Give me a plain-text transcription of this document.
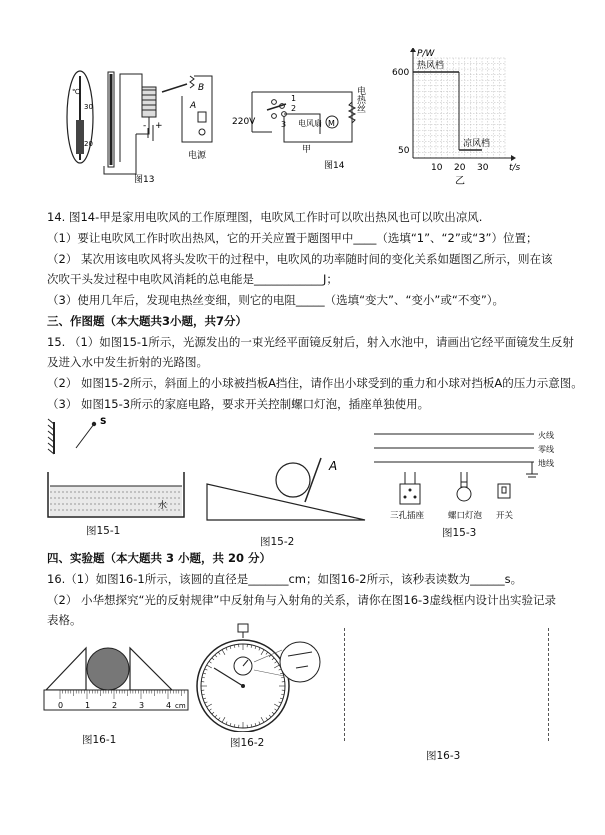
℃
30
20
- +
B
A
电源
图13
1
2
3
220V	M
电风扇
电热丝
甲
图14
热风档
凉风档
10 20 30
600
50
P/W
t/s
乙
14. 图14-甲是家用电吹风的工作原理图，电吹风工作时可以吹出热风也可以吹出凉风.
（1）要让电吹风工作时吹出热风，它的开关应置于题图甲中____（选填“1”、“2”或“3”）位置；
（2） 某次用该电吹风将头发吹干的过程中，电吹风的功率随时间的变化关系如题图乙所示，则在该
次吹干头发过程中电吹风消耗的总电能是____________J；
（3）使用几年后，发现电热丝变细，则它的电阻_____（选填“变大”、“变小”或“不变”）。
三、作图题（本大题共3小题，共7分）
15. （1）如图15-1所示，光源发出的一束光经平面镜反射后，射入水池中，请画出它经平面镜发生反射
及进入水中发生折射的光路图。
（2） 如图15-2所示，斜面上的小球被挡板A挡住，请作出小球受到的重力和小球对挡板A的压力示意图。
（3） 如图15-3所示的家庭电路，要求开关控制螺口灯泡，插座单独使用。
S
水
图15-1
A
图15-2
火线
零线
地线
三孔插座	螺口灯泡 开关
图15-3
四、实验题（本大题共 3 小题，共 20 分）
16.（1）如图16-1所示，该圆的直径是_______cm；如图16-2所示，该秒表读数为______s。
（2） 小华想探究“光的反射规律”中反射角与入射角的关系，请你在图16-3虚线框内设计出实验记录
表格。
0	1	2	3	4 cm
图16-1	图16-2
图16-3
